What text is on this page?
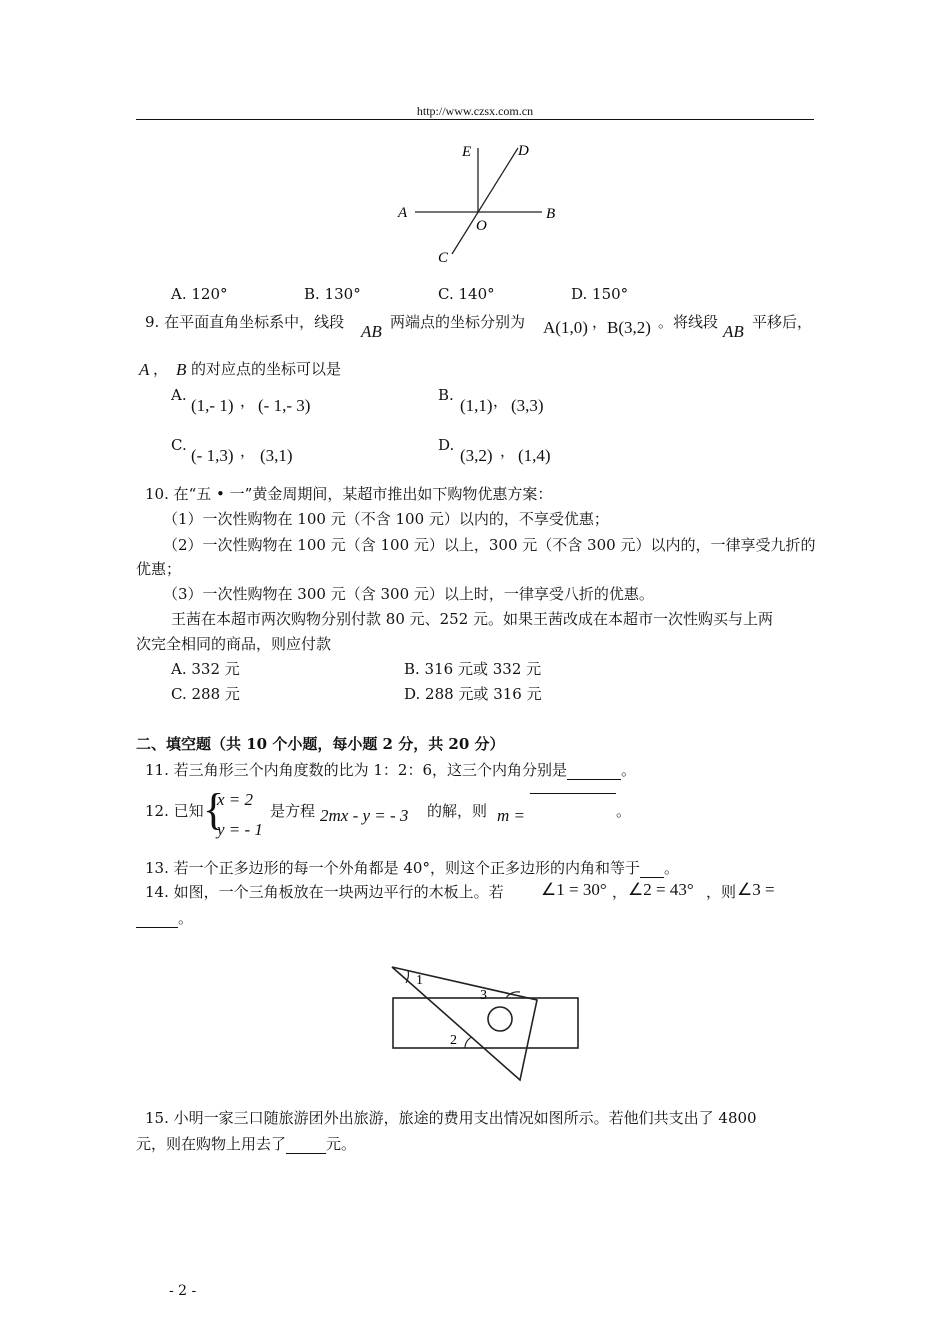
http://www.czsx.com.cn
E	D
A
O
B
C
A. 120°	B. 130°	C. 140°	D. 150°
9. 在平面直角坐标系中，线段 AB 两端点的坐标分别为 A(1,0) ， B(3,2) 。将线段 AB 平移后，
A ， B 的对应点的坐标可以是
A.
(1,- 1) ， (- 1,- 3)
B.
(1,1) ， (3,3)
C.
(- 1,3) ， (3,1)
D.
(3,2) ， (1,4)
10. 在“五 • 一”黄金周期间，某超市推出如下购物优惠方案：
（1）一次性购物在 100 元（不含 100 元）以内的，不享受优惠；
（2）一次性购物在 100 元（含 100 元）以上，300 元（不含 300 元）以内的，一律享受九折的
优惠；
（3）一次性购物在 300 元（含 300 元）以上时，一律享受八折的优惠。
王茜在本超市两次购物分别付款 80 元、252 元。如果王茜改成在本超市一次性购买与上两
次完全相同的商品，则应付款
A. 332 元	B. 316 元或 332 元
C. 288 元	D. 288 元或 316 元
二、填空题（共 10 个小题，每小题 2 分，共 20 分）
11. 若三角形三个内角度数的比为 1：2：6，这三个内角分别是	。
12. 已知 {
x = 2
y = - 1
是方程 2mx - y = - 3 的解，则 m =	。
13. 若一个正多边形的每一个外角都是 40°，则这个正多边形的内角和等于 。
14. 如图，一个三角板放在一块两边平行的木板上。若 ∠1 = 30° ， ∠2 = 43° ，则 ∠3 =
。
1
3
2
15. 小明一家三口随旅游团外出旅游，旅途的费用支出情况如图所示。若他们共支出了 4800
元，则在购物上用去了	元。
- 2 -
